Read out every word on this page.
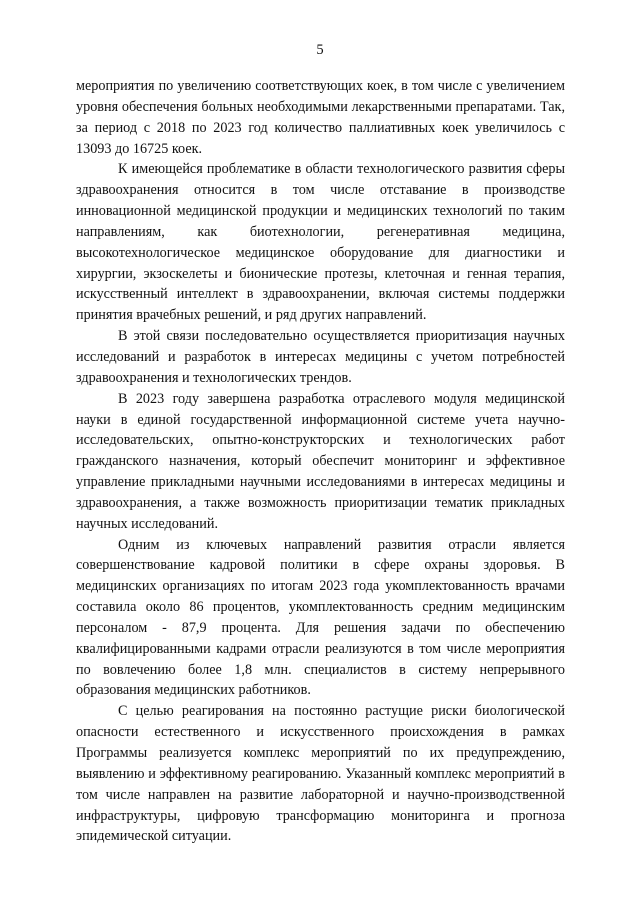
5

мероприятия по увеличению соответствующих коек, в том числе с увеличением уровня обеспечения больных необходимыми лекарственными препаратами. Так, за период с 2018 по 2023 год количество паллиативных коек увеличилось с 13093 до 16725 коек.

К имеющейся проблематике в области технологического развития сферы здравоохранения относится в том числе отставание в производстве инновационной медицинской продукции и медицинских технологий по таким направлениям, как биотехнологии, регенеративная медицина, высокотехнологическое медицинское оборудование для диагностики и хирургии, экзоскелеты и бионические протезы, клеточная и генная терапия, искусственный интеллект в здравоохранении, включая системы поддержки принятия врачебных решений, и ряд других направлений.

В этой связи последовательно осуществляется приоритизация научных исследований и разработок в интересах медицины с учетом потребностей здравоохранения и технологических трендов.

В 2023 году завершена разработка отраслевого модуля медицинской науки в единой государственной информационной системе учета научно-исследовательских, опытно-конструкторских и технологических работ гражданского назначения, который обеспечит мониторинг и эффективное управление прикладными научными исследованиями в интересах медицины и здравоохранения, а также возможность приоритизации тематик прикладных научных исследований.

Одним из ключевых направлений развития отрасли является совершенствование кадровой политики в сфере охраны здоровья. В медицинских организациях по итогам 2023 года укомплектованность врачами составила около 86 процентов, укомплектованность средним медицинским персоналом - 87,9 процента. Для решения задачи по обеспечению квалифицированными кадрами отрасли реализуются в том числе мероприятия по вовлечению более 1,8 млн. специалистов в систему непрерывного образования медицинских работников.

С целью реагирования на постоянно растущие риски биологической опасности естественного и искусственного происхождения в рамках Программы реализуется комплекс мероприятий по их предупреждению, выявлению и эффективному реагированию. Указанный комплекс мероприятий в том числе направлен на развитие лабораторной и научно-производственной инфраструктуры, цифровую трансформацию мониторинга и прогноза эпидемической ситуации.
